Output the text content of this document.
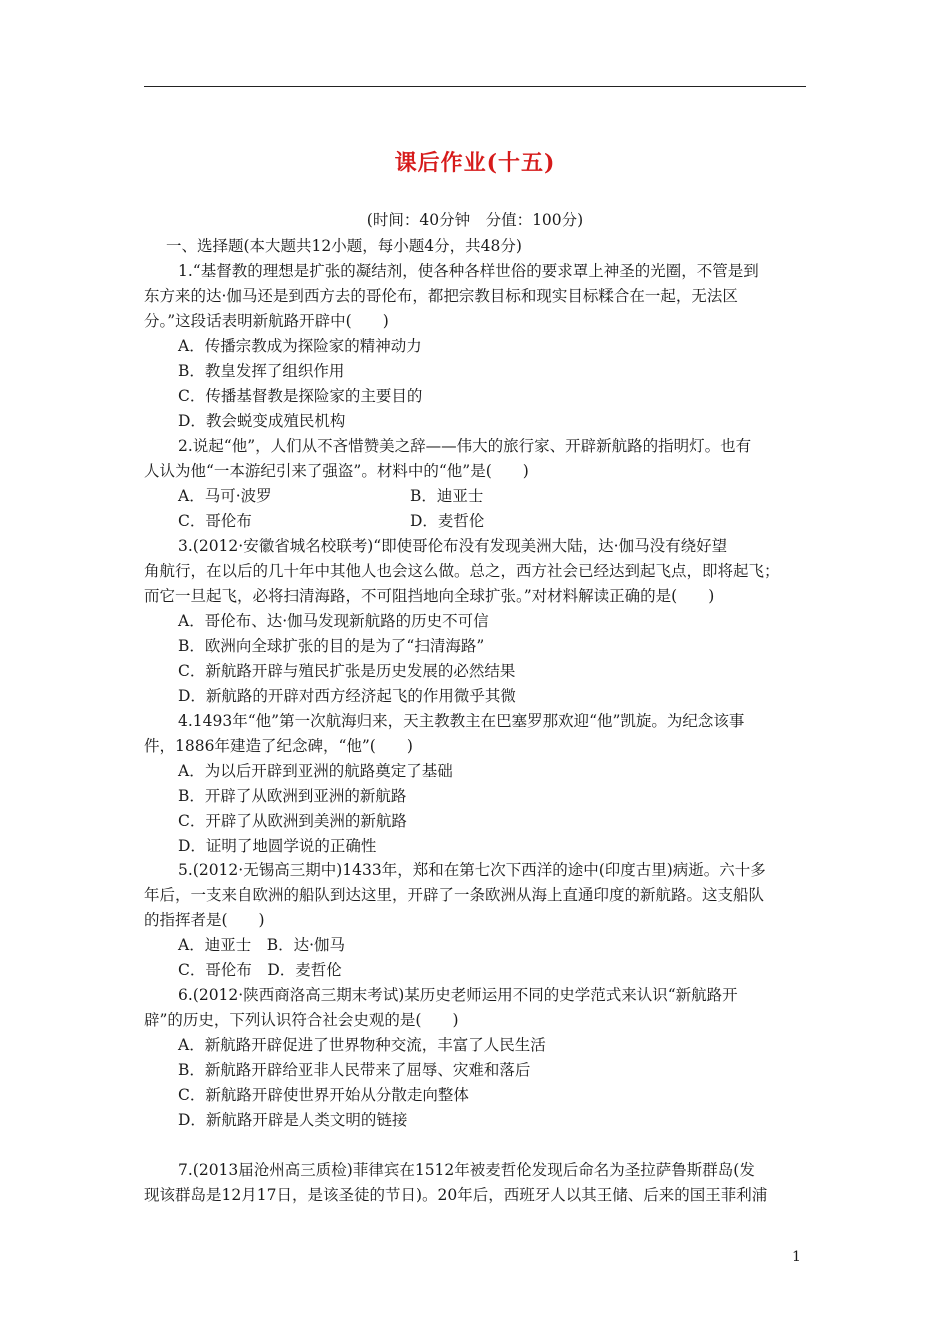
课后作业(十五)
(时间：40分钟　分值：100分)
一、选择题(本大题共12小题，每小题4分，共48分)
1.“基督教的理想是扩张的凝结剂，使各种各样世俗的要求罩上神圣的光圈，不管是到
东方来的达·伽马还是到西方去的哥伦布，都把宗教目标和现实目标糅合在一起，无法区
分。”这段话表明新航路开辟中(　　)
A．传播宗教成为探险家的精神动力
B．教皇发挥了组织作用
C．传播基督教是探险家的主要目的
D．教会蜕变成殖民机构
2.说起“他”，人们从不吝惜赞美之辞——伟大的旅行家、开辟新航路的指明灯。也有
人认为他“一本游纪引来了强盗”。材料中的“他”是(　　)
A．马可·波罗	B．迪亚士
C．哥伦布	D．麦哲伦
3.(2012·安徽省城名校联考)“即使哥伦布没有发现美洲大陆，达·伽马没有绕好望
角航行，在以后的几十年中其他人也会这么做。总之，西方社会已经达到起飞点，即将起飞；
而它一旦起飞，必将扫清海路，不可阻挡地向全球扩张。”对材料解读正确的是(　　)
A．哥伦布、达·伽马发现新航路的历史不可信
B．欧洲向全球扩张的目的是为了“扫清海路”
C．新航路开辟与殖民扩张是历史发展的必然结果
D．新航路的开辟对西方经济起飞的作用微乎其微
4.1493年“他”第一次航海归来，天主教教主在巴塞罗那欢迎“他”凯旋。为纪念该事
件，1886年建造了纪念碑，“他”(　　)
A．为以后开辟到亚洲的航路奠定了基础
B．开辟了从欧洲到亚洲的新航路
C．开辟了从欧洲到美洲的新航路
D．证明了地圆学说的正确性
5.(2012·无锡高三期中)1433年，郑和在第七次下西洋的途中(印度古里)病逝。六十多
年后，一支来自欧洲的船队到达这里，开辟了一条欧洲从海上直通印度的新航路。这支船队
的指挥者是(　　)
A．迪亚士　B．达·伽马
C．哥伦布　D．麦哲伦
6.(2012·陕西商洛高三期末考试)某历史老师运用不同的史学范式来认识“新航路开
辟”的历史，下列认识符合社会史观的是(　　)
A．新航路开辟促进了世界物种交流，丰富了人民生活
B．新航路开辟给亚非人民带来了屈辱、灾难和落后
C．新航路开辟使世界开始从分散走向整体
D．新航路开辟是人类文明的链接
7.(2013届沧州高三质检)菲律宾在1512年被麦哲伦发现后命名为圣拉萨鲁斯群岛(发
现该群岛是12月17日，是该圣徒的节日)。20年后，西班牙人以其王储、后来的国王菲利浦
1
